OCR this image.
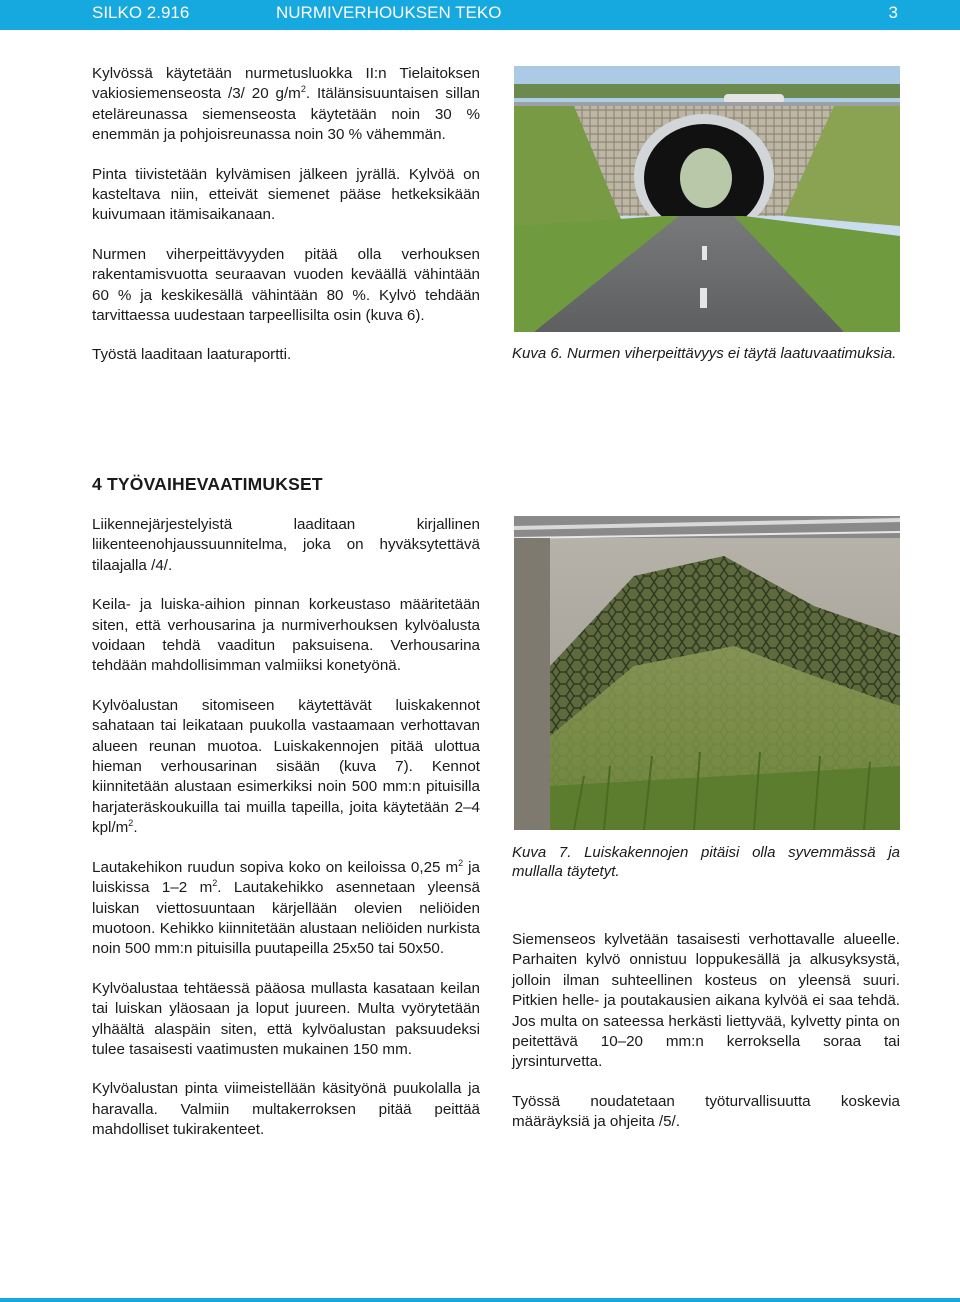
SILKO 2.916	NURMIVERHOUKSEN TEKO	3

Kylvössä käytetään nurmetusluokka II:n Tielaitoksen vakiosiemenseosta /3/ 20 $g/m^2$. Itälänsisuuntaisen sillan eteläreunassa siemenseosta käytetään noin 30 % enemmän ja pohjoisreunassa noin 30 % vähemmän.

Pinta tiivistetään kylvämisen jälkeen jyrällä. Kylvöä on kasteltava niin, etteivät siemenet pääse hetkeksikään kuivumaan itämisaikanaan.

Nurmen viherpeittävyyden pitää olla verhouksen rakentamisvuotta seuraavan vuoden keväällä vähintään 60 % ja keskikesällä vähintään 80 %. Kylvö tehdään tarvittaessa uudestaan tarpeellisilta osin (kuva 6).

Työstä laaditaan laaturaportti.	Kuva 6. Nurmen viherpeittävyys ei täytä laatuvaatimuksia.

4 TYÖVAIHEVAATIMUKSET

Liikennejärjestelyistä laaditaan kirjallinen liikenteenohjaussuunnitelma, joka on hyväksytettävä tilaajalla /4/.

Keila- ja luiska-aihion pinnan korkeustaso määritetään siten, että verhousarina ja nurmiverhouksen kylvöalusta voidaan tehdä vaaditun paksuisena. Verhousarina tehdään mahdollisimman valmiiksi konetyönä.

Kylvöalustan sitomiseen käytettävät luiskakennot sahataan tai leikataan puukolla vastaamaan verhottavan alueen reunan muotoa. Luiskakennojen pitää ulottua hieman verhousarinan sisään (kuva 7). Kennot kiinnitetään alustaan esimerkiksi noin 500 mm:n pituisilla harjateräskoukuilla tai muilla tapeilla, joita käytetään 2–4 kpl/$m^2$.

Lautakehikon ruudun sopiva koko on keiloissa 0,25 $m^2$ ja luiskissa 1–2 $m^2$. Lautakehikko asennetaan yleensä luiskan viettosuuntaan kärjellään olevien neliöiden muotoon. Kehikko kiinnitetään alustaan neliöiden nurkista noin 500 mm:n pituisilla puutapeilla 25x50 tai 50x50.

Kylvöalustaa tehtäessä pääosa mullasta kasataan keilan tai luiskan yläosaan ja loput juureen. Multa vyörytetään ylhäältä alaspäin siten, että kylvöalustan paksuudeksi tulee tasaisesti vaatimusten mukainen 150 mm.

Kylvöalustan pinta viimeistellään käsityönä puukolalla ja haravalla. Valmiin multakerroksen pitää peittää mahdolliset tukirakenteet.

Kuva 7. Luiskakennojen pitäisi olla syvemmässä ja mullalla täytetyt.

Siemenseos kylvetään tasaisesti verhottavalle alueelle. Parhaiten kylvö onnistuu loppukesällä ja alkusyksystä, jolloin ilman suhteellinen kosteus on yleensä suuri. Pitkien helle- ja poutakausien aikana kylvöä ei saa tehdä. Jos multa on sateessa herkästi liettyvää, kylvetty pinta on peitettävä 10–20 mm:n kerroksella soraa tai jyrsinturvetta.

Työssä noudatetaan työturvallisuutta koskevia määräyksiä ja ohjeita /5/.
